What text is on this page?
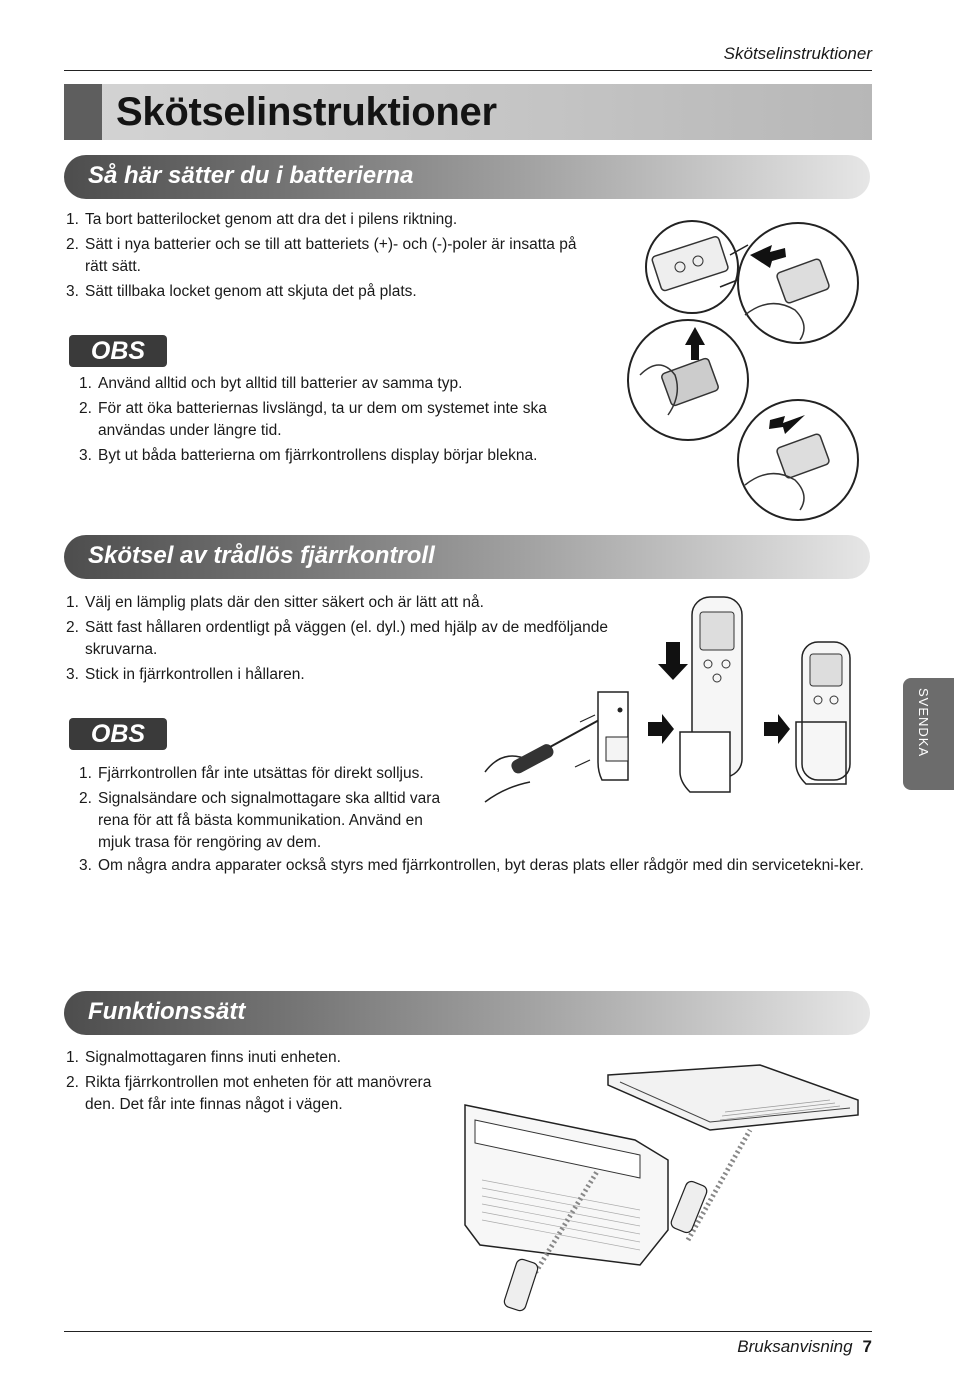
Skötselinstruktioner
Skötselinstruktioner
Så här sätter du i batterierna
1. Ta bort batterilocket genom att dra det i pilens riktning.
2. Sätt i nya batterier och se till att batteriets (+)- och (-)-poler är insatta på rätt sätt.
3. Sätt tillbaka locket genom att skjuta det på plats.
OBS
1. Använd alltid och byt alltid till batterier av samma typ.
2. För att öka batteriernas livslängd, ta ur dem om systemet inte ska användas under längre tid.
3. Byt ut båda batterierna om fjärrkontrollens display börjar blekna.
Skötsel av trådlös fjärrkontroll
1. Välj en lämplig plats där den sitter säkert och är lätt att nå.
2. Sätt fast hållaren ordentligt på väggen (el. dyl.) med hjälp av de medföljande skruvarna.
3. Stick in fjärrkontrollen i hållaren.
OBS
1. Fjärrkontrollen får inte utsättas för direkt solljus.
2. Signalsändare och signalmottagare ska alltid vara rena för att få bästa kommunikation. Använd en mjuk trasa för rengöring av dem.
3. Om några andra apparater också styrs med fjärrkontrollen, byt deras plats eller rådgör med din servicetekni-ker.
Funktionssätt
1. Signalmottagaren finns inuti enheten.
2. Rikta fjärrkontrollen mot enheten för att manövrera den. Det får inte finnas något i vägen.
SVENDKA
Bruksanvisning 7
